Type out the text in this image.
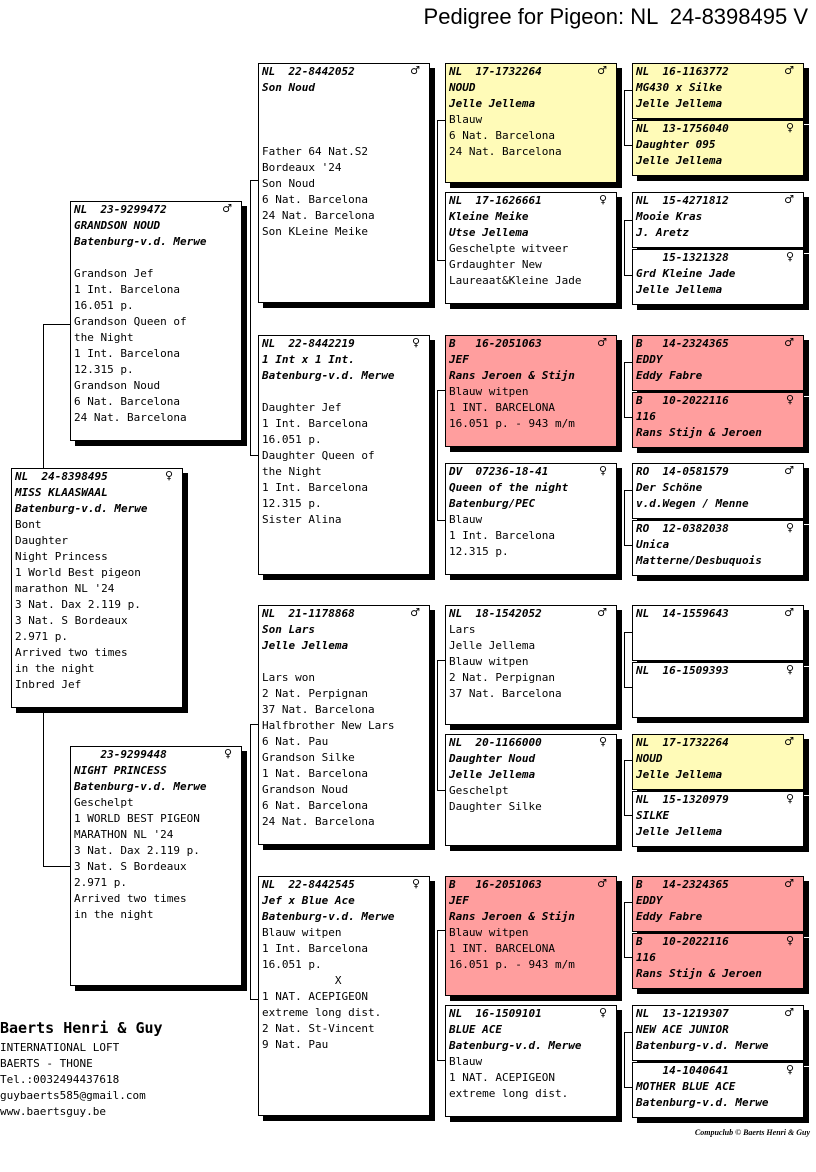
Pedigree for Pigeon: NL  24-8398495 V
NL  24-8398495	♀
MISS KLAASWAAL
Batenburg-v.d. Merwe
Bont
Daughter
Night Princess
1 World Best pigeon
marathon NL '24
3 Nat. Dax 2.119 p.
3 Nat. S Bordeaux
2.971 p.
Arrived two times
in the night
Inbred Jef
NL  23-9299472	♂
GRANDSON NOUD
Batenburg-v.d. Merwe

Grandson Jef
1 Int. Barcelona
16.051 p.
Grandson Queen of
the Night
1 Int. Barcelona
12.315 p.
Grandson Noud
6 Nat. Barcelona
24 Nat. Barcelona
23-9299448	♀
NIGHT PRINCESS
Batenburg-v.d. Merwe
Geschelpt
1 WORLD BEST PIGEON
MARATHON NL '24
3 Nat. Dax 2.119 p.
3 Nat. S Bordeaux
2.971 p.
Arrived two times
in the night
NL  22-8442052	♂
Son Noud

Father 64 Nat.S2
Bordeaux '24
Son Noud
6 Nat. Barcelona
24 Nat. Barcelona
Son KLeine Meike
NL  22-8442219	♀
1 Int x 1 Int.
Batenburg-v.d. Merwe

Daughter Jef
1 Int. Barcelona
16.051 p.
Daughter Queen of
the Night
1 Int. Barcelona
12.315 p.
Sister Alina
NL  21-1178868	♂
Son Lars
Jelle Jellema

Lars won
2 Nat. Perpignan
37 Nat. Barcelona
Halfbrother New Lars
6 Nat. Pau
Grandson Silke
1 Nat. Barcelona
Grandson Noud
6 Nat. Barcelona
24 Nat. Barcelona
NL  22-8442545	♀
Jef x Blue Ace
Batenburg-v.d. Merwe
Blauw witpen
1 Int. Barcelona
16.051 p.
X
1 NAT. ACEPIGEON
extreme long dist.
2 Nat. St-Vincent
9 Nat. Pau
NL  17-1732264	♂
NOUD
Jelle Jellema
Blauw
6 Nat. Barcelona
24 Nat. Barcelona
NL  17-1626661	♀
Kleine Meike
Utse Jellema
Geschelpte witveer
Grdaughter New
Laureaat&Kleine Jade
B   16-2051063	♂
JEF
Rans Jeroen & Stijn
Blauw witpen
1 INT. BARCELONA
16.051 p. - 943 m/m
DV  07236-18-41	♀
Queen of the night
Batenburg/PEC
Blauw
1 Int. Barcelona
12.315 p.
NL  18-1542052	♂
Lars
Jelle Jellema
Blauw witpen
2 Nat. Perpignan
37 Nat. Barcelona
NL  20-1166000	♀
Daughter Noud
Jelle Jellema
Geschelpt
Daughter Silke
B   16-2051063	♂
JEF
Rans Jeroen & Stijn
Blauw witpen
1 INT. BARCELONA
16.051 p. - 943 m/m
NL  16-1509101	♀
BLUE ACE
Batenburg-v.d. Merwe
Blauw
1 NAT. ACEPIGEON
extreme long dist.
NL  16-1163772	♂
MG430 x Silke
Jelle Jellema
NL  13-1756040	♀
Daughter 095
Jelle Jellema
NL  15-4271812	♂
Mooie Kras
J. Aretz
15-1321328	♀
Grd Kleine Jade
Jelle Jellema
B   14-2324365	♂
EDDY
Eddy Fabre
B   10-2022116	♀
116
Rans Stijn & Jeroen
RO  14-0581579	♂
Der Schöne
v.d.Wegen / Menne
RO  12-0382038	♀
Unica
Matterne/Desbuquois
NL  14-1559643	♂
NL  16-1509393	♀
NL  17-1732264	♂
NOUD
Jelle Jellema
NL  15-1320979	♀
SILKE
Jelle Jellema
B   14-2324365	♂
EDDY
Eddy Fabre
B   10-2022116	♀
116
Rans Stijn & Jeroen
NL  13-1219307	♂
NEW ACE JUNIOR
Batenburg-v.d. Merwe
14-1040641	♀
MOTHER BLUE ACE
Batenburg-v.d. Merwe
Baerts Henri & Guy
INTERNATIONAL LOFT
BAERTS - THONE
Tel.:0032494437618
guybaerts585@gmail.com
www.baertsguy.be
Compuclub © Baerts Henri & Guy
